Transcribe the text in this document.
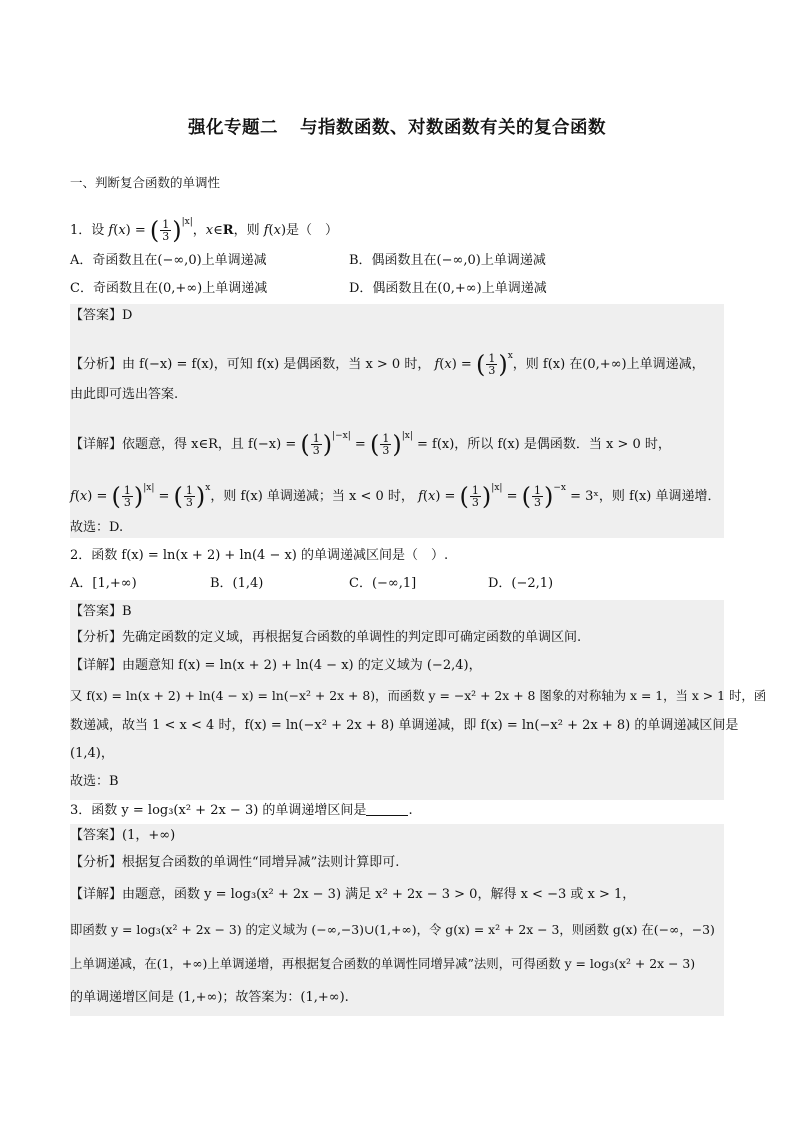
强化专题二 与指数函数、对数函数有关的复合函数
一、判断复合函数的单调性
1．设 f(x) = ( $\frac{1}{3} )^{|x|}$，x∈R，则 f(x)是（　）
A．奇函数且在(−∞,0)上单调递减	B．偶函数且在(−∞,0)上单调递减
C．奇函数且在(0,+∞)上单调递减	D．偶函数且在(0,+∞)上单调递减
【答案】D
【分析】由 f(−x) = f(x)，可知 f(x) 是偶函数，当 x > 0 时， f(x) = ( $\frac{1}{3} )^x$，则 f(x) 在(0,+∞)上单调递减，
由此即可选出答案.
【详解】依题意，得 x∈R，且 f(−x) = ( $\frac{1}{3} )^{|-x|}$ = ( $\frac{1}{3} )^{|x|} = f(x)$，所以 f(x) 是偶函数．当 x > 0 时，
f(x) = ( $\frac{1}{3} )^{|x|}$ = ( $\frac{1}{3} )^x$，则 f(x) 单调递减；当 x < 0 时， f(x) = ( $\frac{1}{3} )^{|x|}$ = ( $\frac{1}{3} )^{-x}$ = 3ˣ，则 f(x) 单调递增．
故选：D.
2．函数 f(x) = ln(x + 2) + ln(4 − x) 的单调递减区间是（　）.
A．[1,+∞)	B．(1,4)	C．(−∞,1]	D．(−2,1)
【答案】B
【分析】先确定函数的定义域，再根据复合函数的单调性的判定即可确定函数的单调区间.
【详解】由题意知 f(x) = ln(x + 2) + ln(4 − x) 的定义域为 (−2,4)，
又 f(x) = ln(x + 2) + ln(4 − x) = ln(−x² + 2x + 8)，而函数 y = −x² + 2x + 8 图象的对称轴为 x = 1，当 x > 1 时，函
数递减，故当 1 < x < 4 时，f(x) = ln(−x² + 2x + 8) 单调递减，即 f(x) = ln(−x² + 2x + 8) 的单调递减区间是
(1,4)，
故选：B
3．函数 y = log₃(x² + 2x − 3) 的单调递增区间是	.
【答案】(1，+∞)
【分析】根据复合函数的单调性“同增异减”法则计算即可.
【详解】由题意，函数 y = log₃(x² + 2x − 3) 满足 x² + 2x − 3 > 0，解得 x < −3 或 x > 1，
即函数 y = log₃(x² + 2x − 3) 的定义域为 (−∞,−3)∪(1,+∞)，令 g(x) = x² + 2x − 3，则函数 g(x) 在(−∞，−3)
上单调递减，在(1，+∞)上单调递增，再根据复合函数的单调性同增异减”法则，可得函数 y = log₃(x² + 2x − 3)
的单调递增区间是 (1,+∞)；故答案为：(1,+∞).
